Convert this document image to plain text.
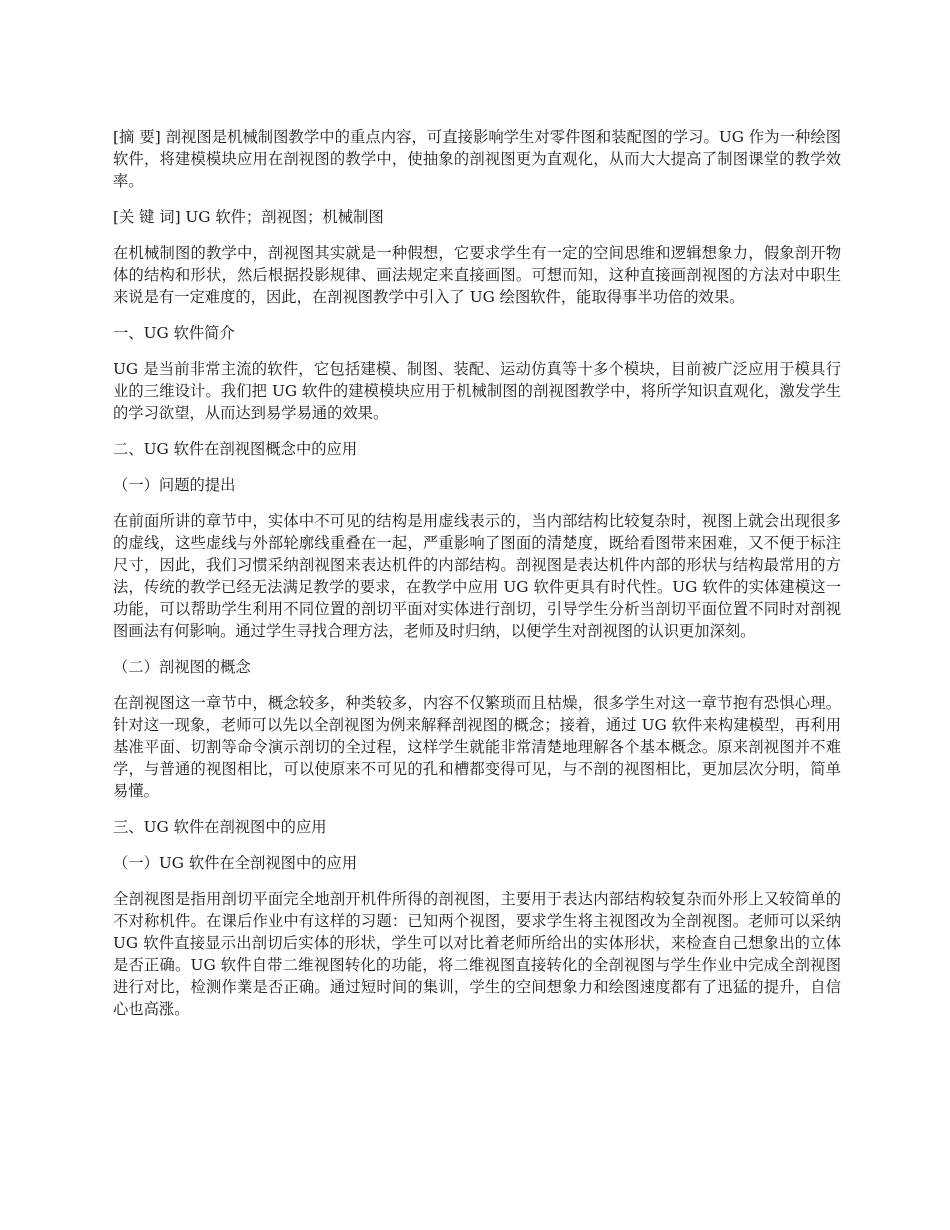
[摘 要] 剖视图是机械制图教学中的重点内容，可直接影响学生对零件图和装配图的学习。UG 作为一种绘图软件，将建模模块应用在剖视图的教学中，使抽象的剖视图更为直观化，从而大大提高了制图课堂的教学效率。

[关 键 词] UG 软件；剖视图；机械制图

在机械制图的教学中，剖视图其实就是一种假想，它要求学生有一定的空间思维和逻辑想象力，假象剖开物体的结构和形状，然后根据投影规律、画法规定来直接画图。可想而知，这种直接画剖视图的方法对中职生来说是有一定难度的，因此，在剖视图教学中引入了 UG 绘图软件，能取得事半功倍的效果。

一、UG 软件简介

UG 是当前非常主流的软件，它包括建模、制图、装配、运动仿真等十多个模块，目前被广泛应用于模具行业的三维设计。我们把 UG 软件的建模模块应用于机械制图的剖视图教学中，将所学知识直观化，激发学生的学习欲望，从而达到易学易通的效果。

二、UG 软件在剖视图概念中的应用

（一）问题的提出

在前面所讲的章节中，实体中不可见的结构是用虚线表示的，当内部结构比较复杂时，视图上就会出现很多的虚线，这些虚线与外部轮廓线重叠在一起，严重影响了图面的清楚度，既给看图带来困难，又不便于标注尺寸，因此，我们习惯采纳剖视图来表达机件的内部结构。剖视图是表达机件内部的形状与结构最常用的方法，传统的教学已经无法满足教学的要求，在教学中应用 UG 软件更具有时代性。UG 软件的实体建模这一功能，可以帮助学生利用不同位置的剖切平面对实体进行剖切，引导学生分析当剖切平面位置不同时对剖视图画法有何影响。通过学生寻找合理方法，老师及时归纳，以便学生对剖视图的认识更加深刻。

（二）剖视图的概念

在剖视图这一章节中，概念较多，种类较多，内容不仅繁琐而且枯燥，很多学生对这一章节抱有恐惧心理。针对这一现象，老师可以先以全剖视图为例来解释剖视图的概念；接着，通过 UG 软件来构建模型，再利用基准平面、切割等命令演示剖切的全过程，这样学生就能非常清楚地理解各个基本概念。原来剖视图并不难学，与普通的视图相比，可以使原来不可见的孔和槽都变得可见，与不剖的视图相比，更加层次分明，简单易懂。

三、UG 软件在剖视图中的应用

（一）UG 软件在全剖视图中的应用

全剖视图是指用剖切平面完全地剖开机件所得的剖视图，主要用于表达内部结构较复杂而外形上又较简单的不对称机件。在课后作业中有这样的习题：已知两个视图，要求学生将主视图改为全剖视图。老师可以采纳 UG 软件直接显示出剖切后实体的形状，学生可以对比着老师所给出的实体形状，来检查自己想象出的立体是否正确。UG 软件自带二维视图转化的功能，将二维视图直接转化的全剖视图与学生作业中完成全剖视图进行对比，检测作業是否正确。通过短时间的集训，学生的空间想象力和绘图速度都有了迅猛的提升，自信心也高涨。
